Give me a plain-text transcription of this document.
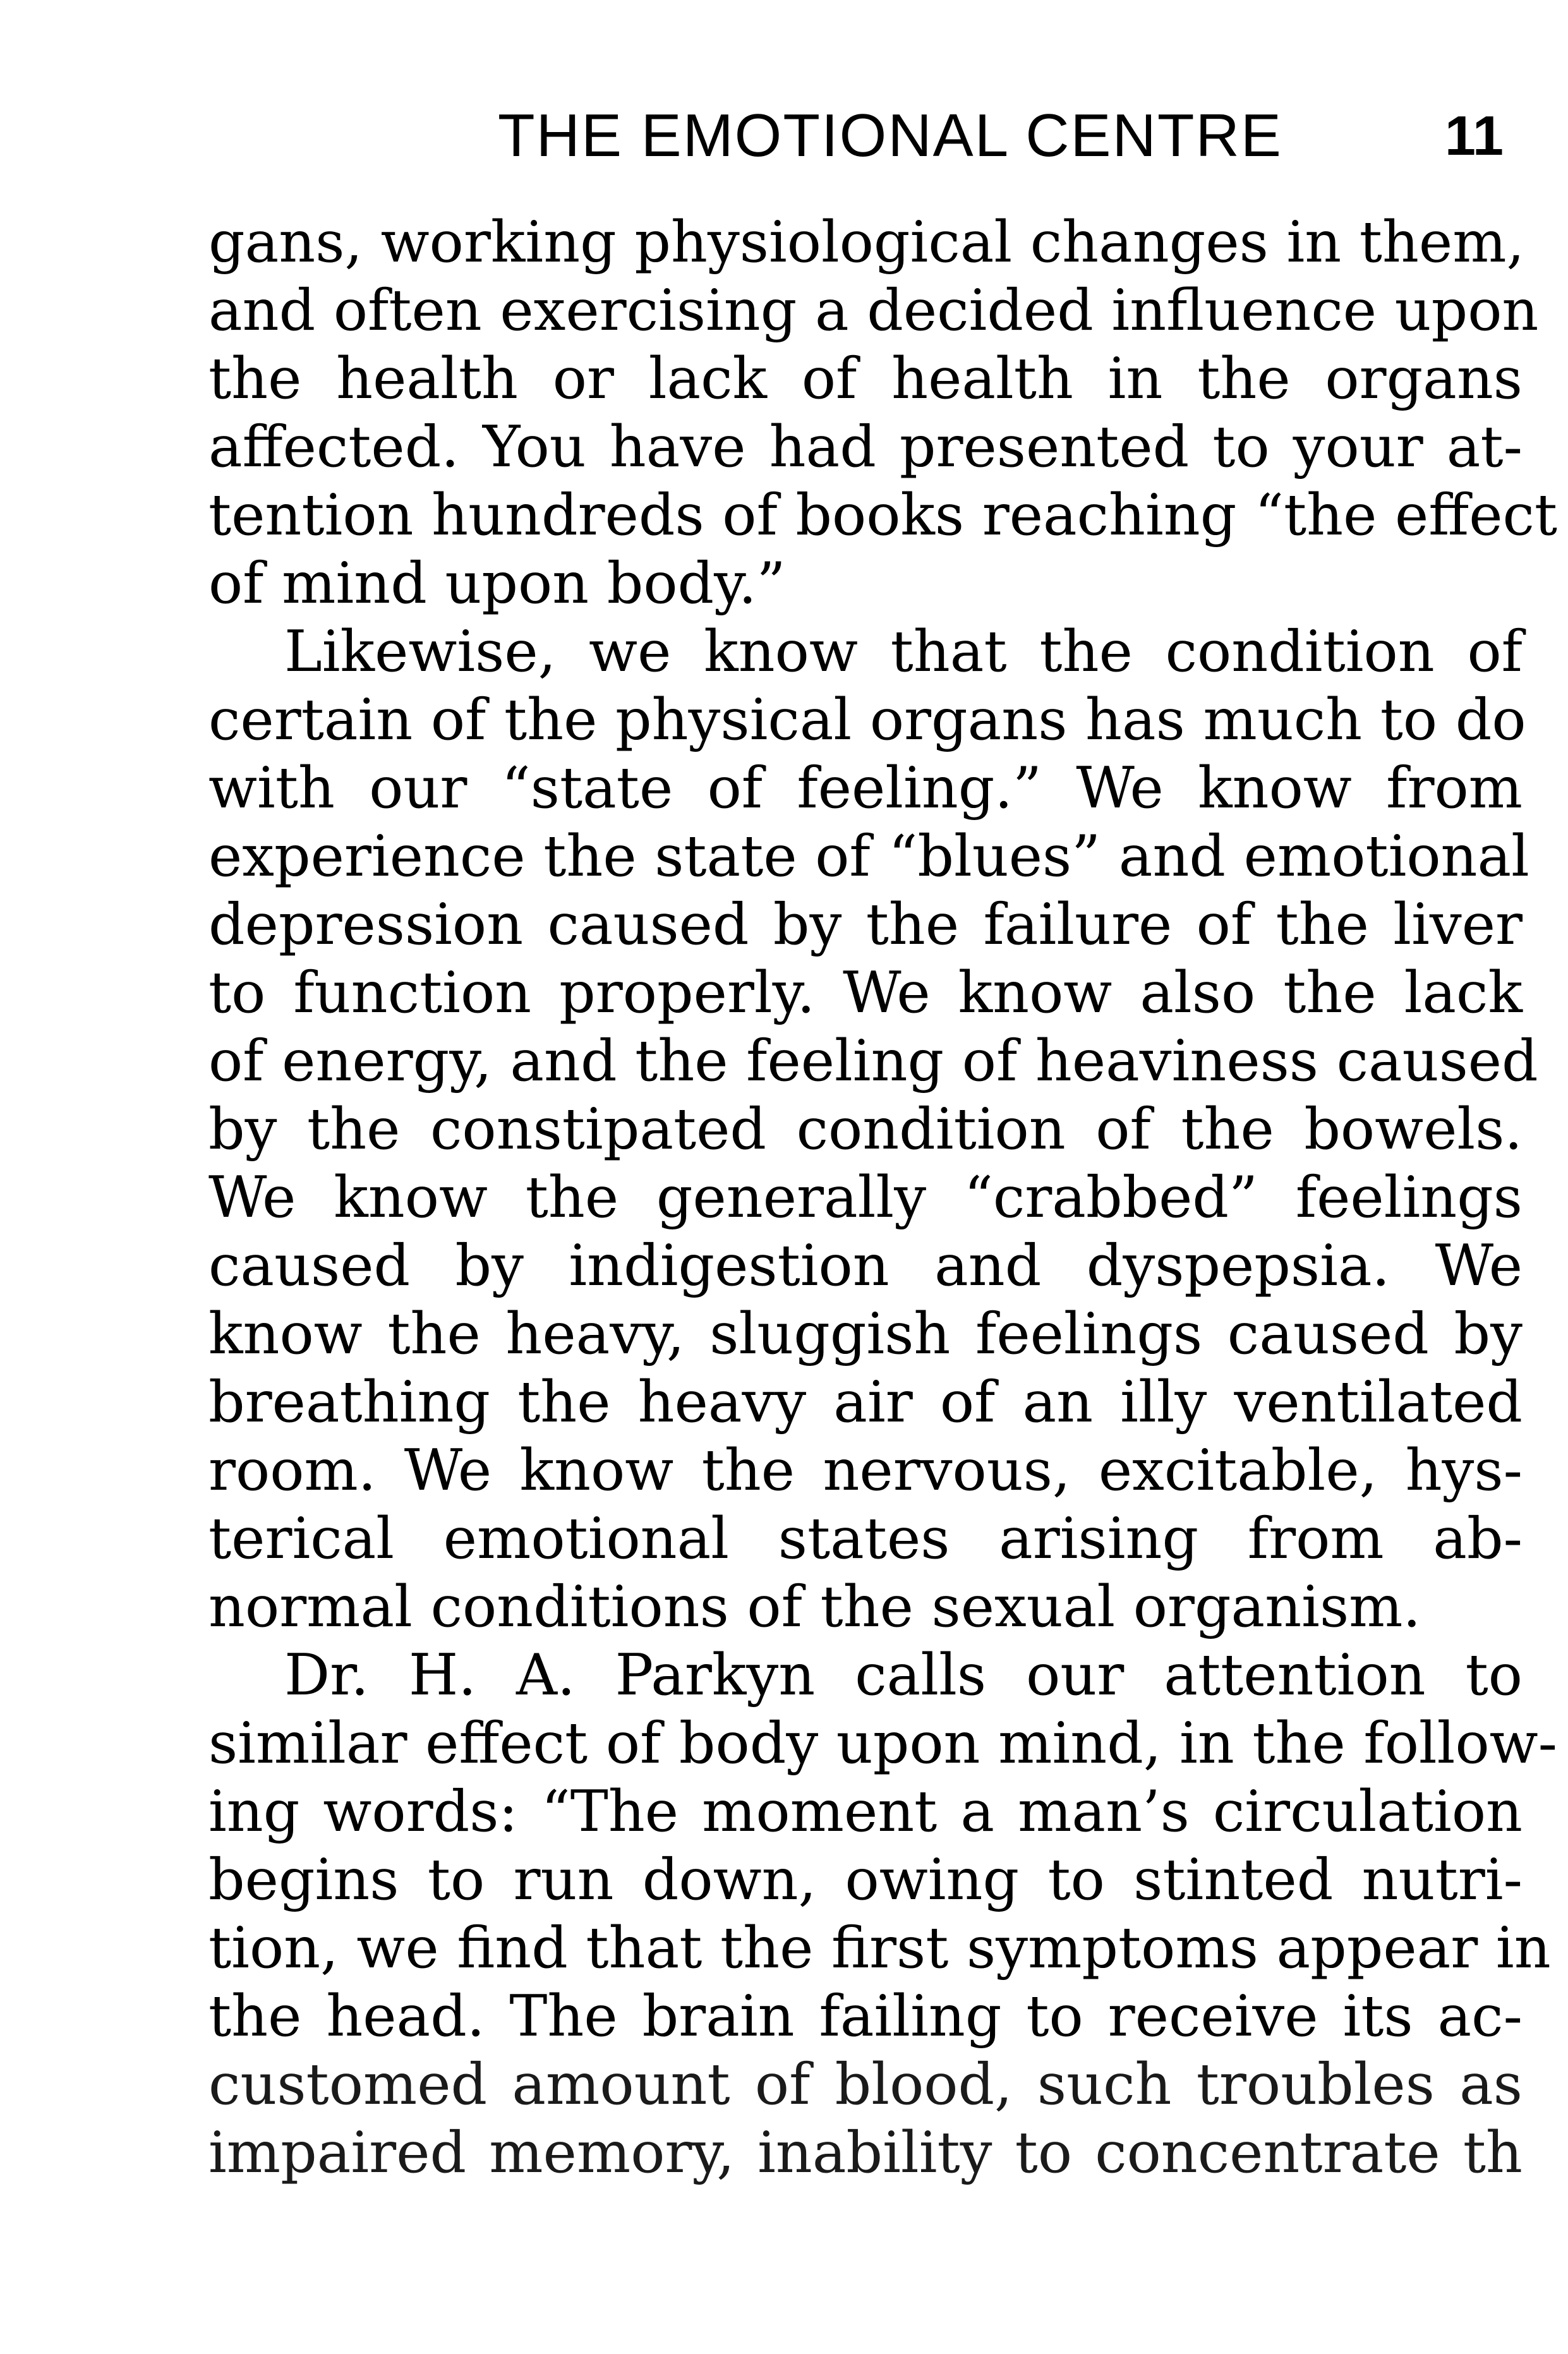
THE EMOTIONAL CENTRE	11
gans, working physiological changes in them,
and often exercising a decided influence upon
the health or lack of health in the organs
affected. You have had presented to your at-
tention hundreds of books reaching “the effect
of mind upon body.”
Likewise, we know that the condition of
certain of the physical organs has much to do
with our “state of feeling.” We know from
experience the state of “blues” and emotional
depression caused by the failure of the liver
to function properly. We know also the lack
of energy, and the feeling of heaviness caused
by the constipated condition of the bowels.
We know the generally “crabbed” feelings
caused by indigestion and dyspepsia. We
know the heavy, sluggish feelings caused by
breathing the heavy air of an illy ventilated
room. We know the nervous, excitable, hys-
terical emotional states arising from ab-
normal conditions of the sexual organism.
Dr. H. A. Parkyn calls our attention to
similar effect of body upon mind, in the follow-
ing words: “The moment a man’s circulation
begins to run down, owing to stinted nutri-
tion, we find that the first symptoms appear in
the head. The brain failing to receive its ac-
customed amount of blood, such troubles as
impaired memory, inability to concentrate th
